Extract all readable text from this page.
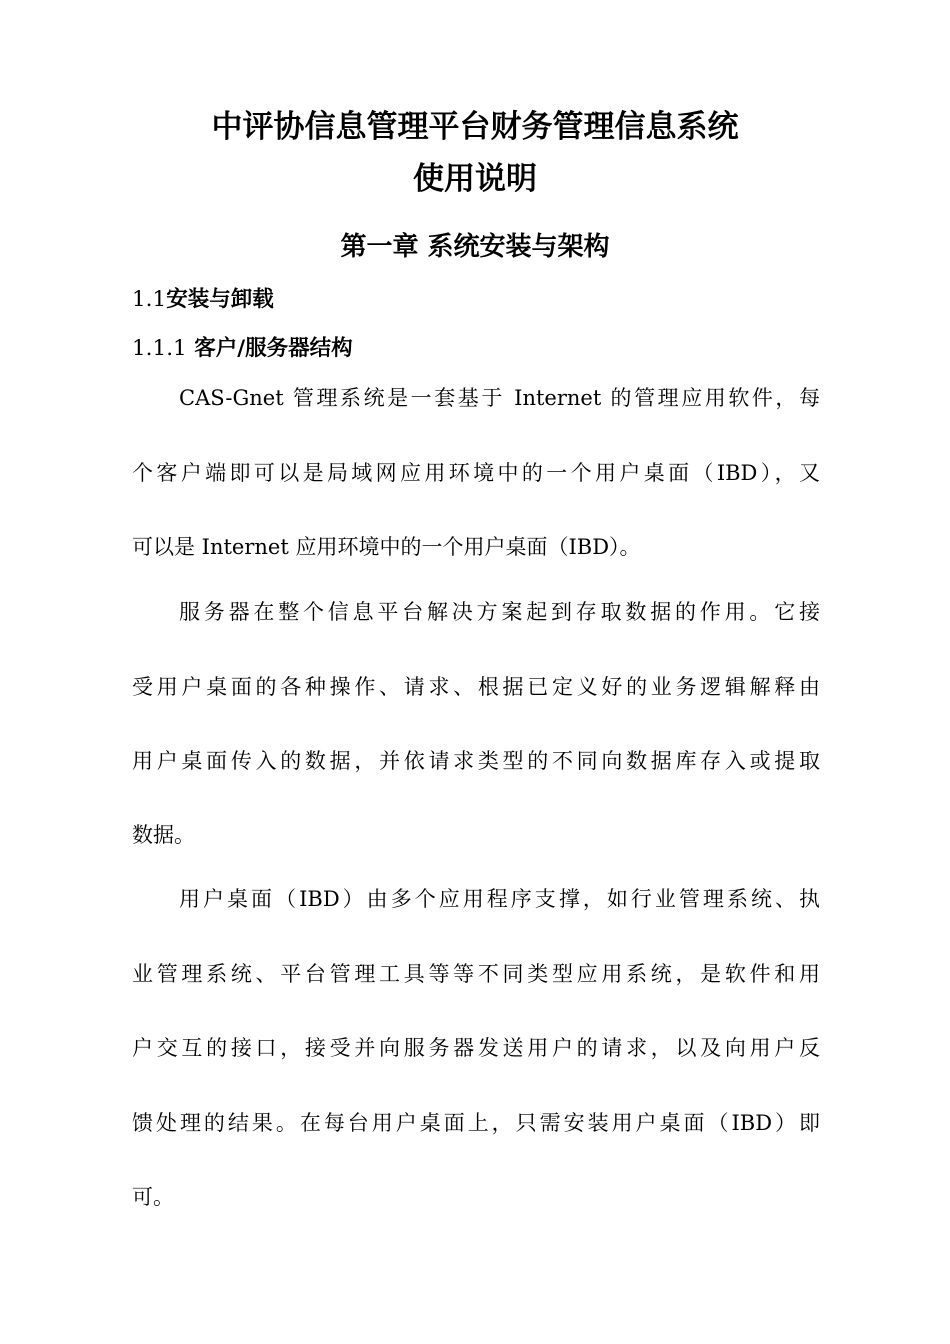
中评协信息管理平台财务管理信息系统
使用说明
第一章 系统安装与架构
1.1安装与卸载
1.1.1 客户/服务器结构

CAS-Gnet 管理系统是一套基于 Internet 的管理应用软件，每

个客户端即可以是局域网应用环境中的一个用户桌面（IBD），又

可以是 Internet 应用环境中的一个用户桌面（IBD）。

服务器在整个信息平台解决方案起到存取数据的作用。它接

受用户桌面的各种操作、请求、根据已定义好的业务逻辑解释由

用户桌面传入的数据，并依请求类型的不同向数据库存入或提取

数据。

用户桌面（IBD）由多个应用程序支撑，如行业管理系统、执

业管理系统、平台管理工具等等不同类型应用系统，是软件和用

户交互的接口，接受并向服务器发送用户的请求，以及向用户反

馈处理的结果。在每台用户桌面上，只需安装用户桌面（IBD）即

可。
